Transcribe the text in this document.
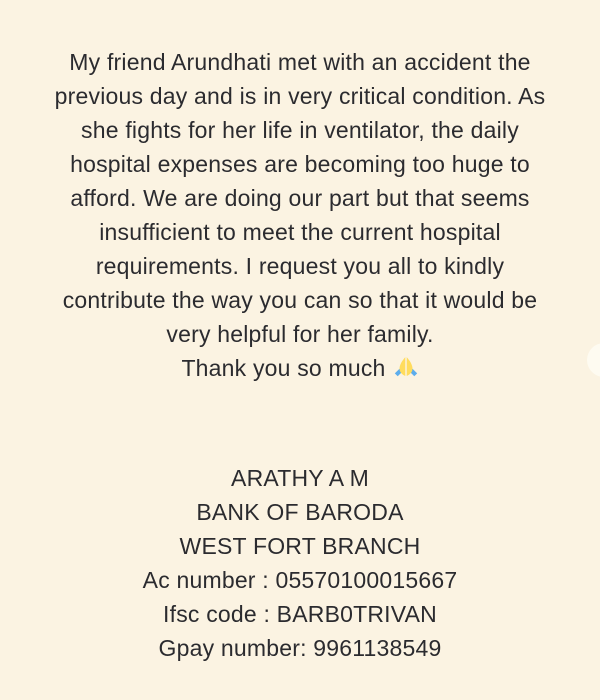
My friend Arundhati met with an accident the
previous day and is in very critical condition. As
she fights for her life in ventilator, the daily
hospital expenses are becoming too huge to
afford. We are doing our part but that seems
insufficient to meet the current hospital
requirements. I request you all to kindly
contribute the way you can so that it would be
very helpful for her family.
Thank you so much
ARATHY A M
BANK OF BARODA
WEST FORT BRANCH
Ac number : 05570100015667
Ifsc code : BARB0TRIVAN
Gpay number: 9961138549
